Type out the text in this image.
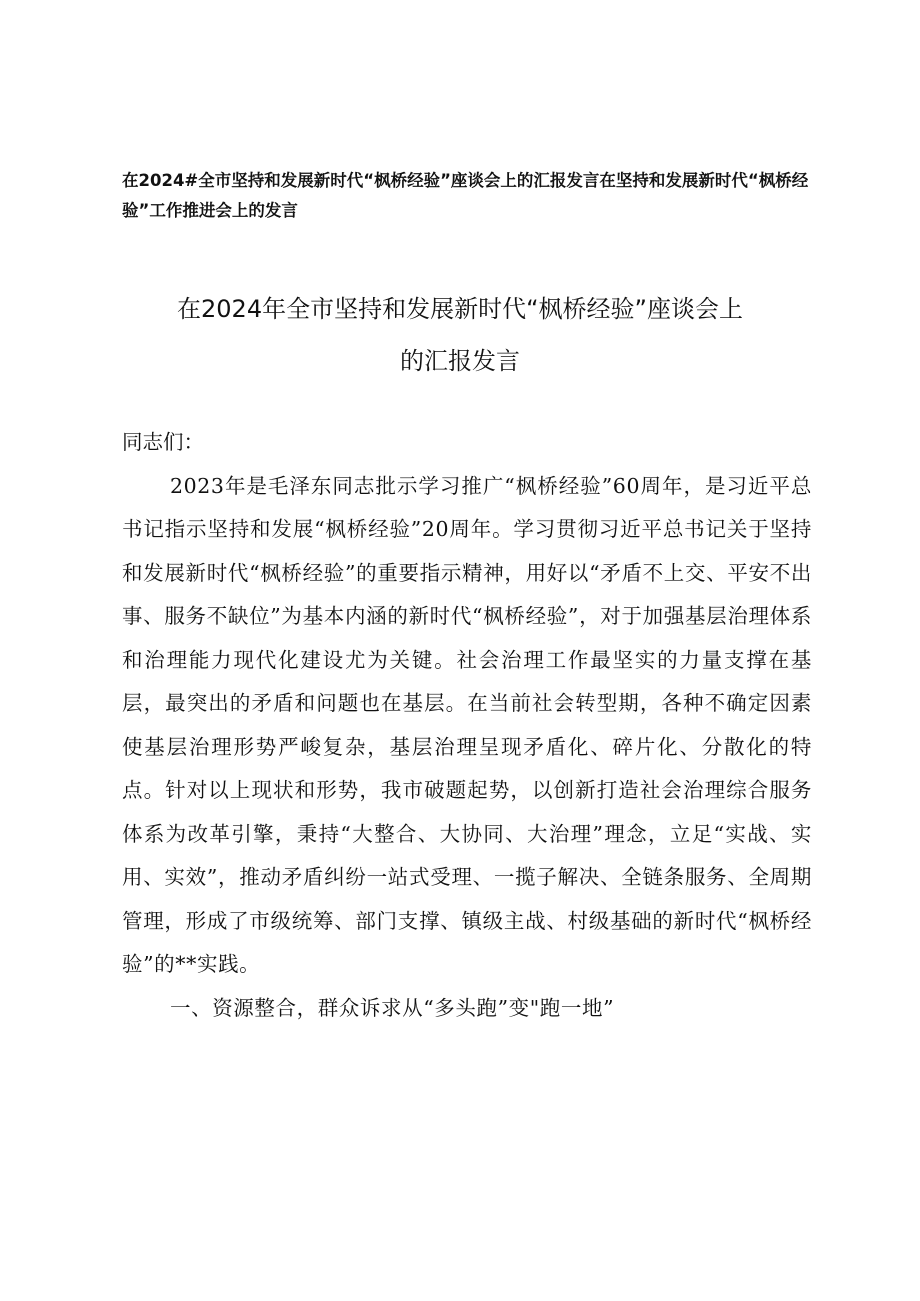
在2024#全市坚持和发展新时代“枫桥经验”座谈会上的汇报发言在坚持和发展新时代“枫桥经验”工作推进会上的发言
在2024年全市坚持和发展新时代“枫桥经验”座谈会上
的汇报发言

同志们：

2023年是毛泽东同志批示学习推广“枫桥经验”60周年，是习近平总书记指示坚持和发展“枫桥经验”20周年。学习贯彻习近平总书记关于坚持和发展新时代“枫桥经验”的重要指示精神，用好以“矛盾不上交、平安不出事、服务不缺位”为基本内涵的新时代“枫桥经验”，对于加强基层治理体系和治理能力现代化建设尤为关键。社会治理工作最坚实的力量支撑在基层，最突出的矛盾和问题也在基层。在当前社会转型期，各种不确定因素使基层治理形势严峻复杂，基层治理呈现矛盾化、碎片化、分散化的特点。针对以上现状和形势，我市破题起势，以创新打造社会治理综合服务体系为改革引擎，秉持“大整合、大协同、大治理”理念，立足“实战、实用、实效”，推动矛盾纠纷一站式受理、一揽子解决、全链条服务、全周期管理，形成了市级统筹、部门支撑、镇级主战、村级基础的新时代“枫桥经验”的**实践。

一、资源整合，群众诉求从“多头跑”变"跑一地”
